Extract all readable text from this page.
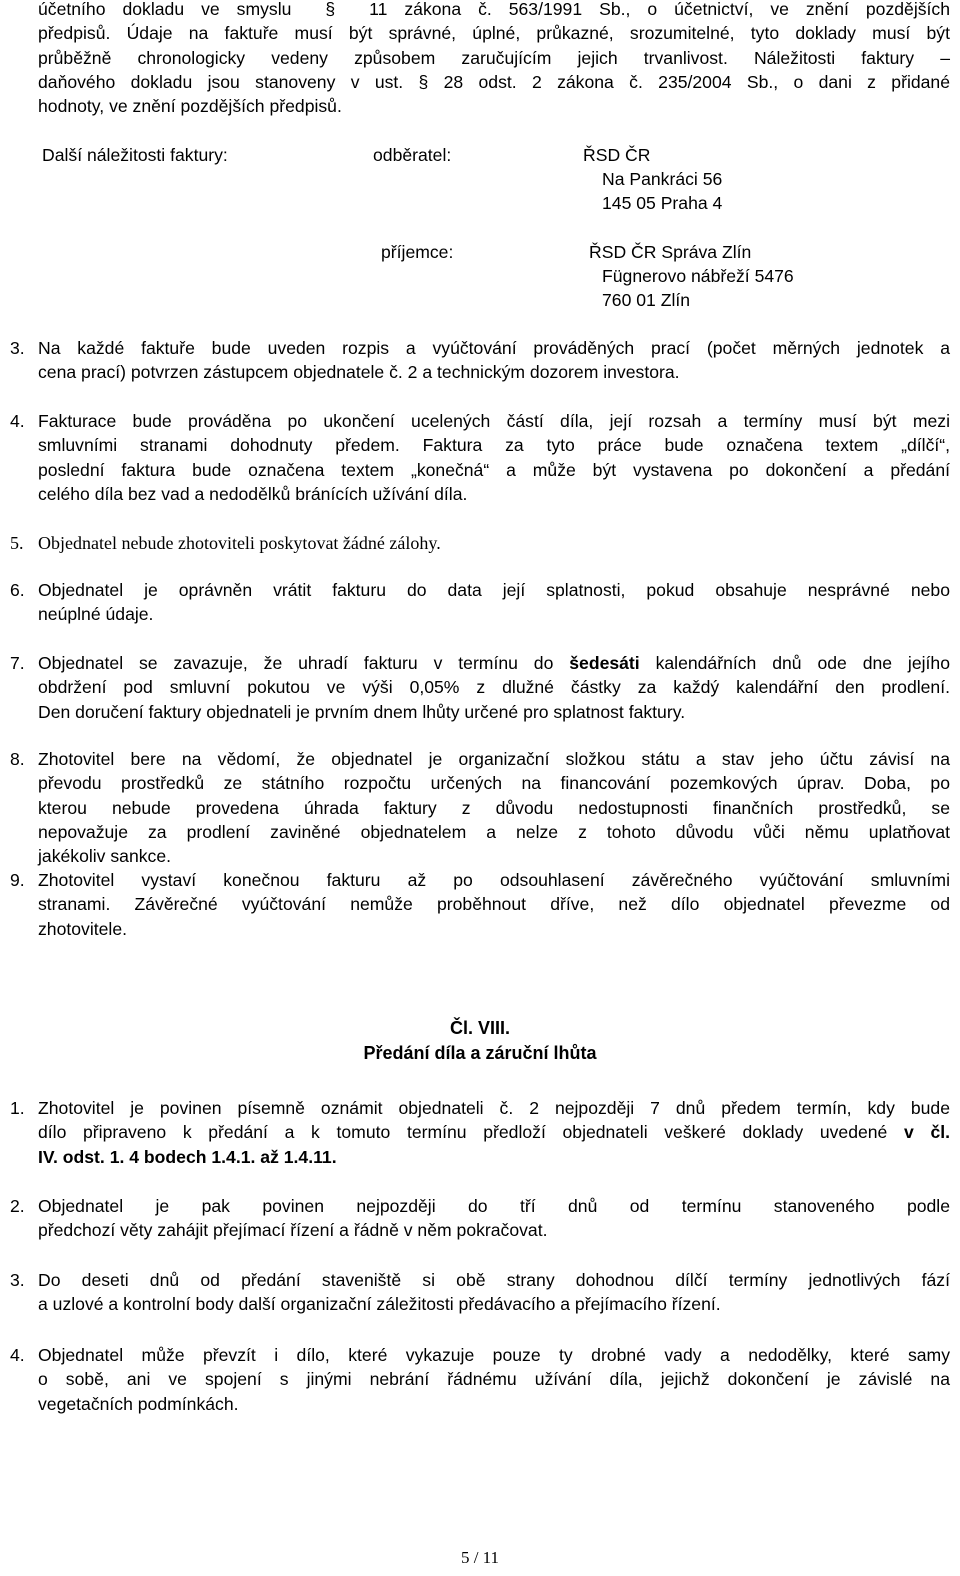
účetního dokladu ve smyslu § 11 zákona č. 563/1991 Sb., o účetnictví, ve znění pozdějších
předpisů. Údaje na faktuře musí být správné, úplné, průkazné, srozumitelné, tyto doklady musí být
průběžně chronologicky vedeny způsobem zaručujícím jejich trvanlivost. Náležitosti faktury –
daňového dokladu jsou stanoveny v ust. § 28 odst. 2 zákona č. 235/2004 Sb., o dani z přidané
hodnoty, ve znění pozdějších předpisů.
Další náležitosti faktury:	odběratel:	ŘSD ČR
Na Pankráci 56
145 05 Praha 4
příjemce:	ŘSD ČR Správa Zlín
Fügnerovo nábřeží 5476
760 01 Zlín
3. Na každé faktuře bude uveden rozpis a vyúčtování prováděných prací (počet měrných jednotek a
cena prací) potvrzen zástupcem objednatele č. 2 a technickým dozorem investora.
4. Fakturace bude prováděna po ukončení ucelených částí díla, její rozsah a termíny musí být mezi
smluvními stranami dohodnuty předem. Faktura za tyto práce bude označena textem „dílčí“,
poslední faktura bude označena textem „konečná“ a může být vystavena po dokončení a předání
celého díla bez vad a nedodělků bránících užívání díla.
5. Objednatel nebude zhotoviteli poskytovat žádné zálohy.
6. Objednatel je oprávněn vrátit fakturu do data její splatnosti, pokud obsahuje nesprávné nebo
neúplné údaje.
7. Objednatel se zavazuje, že uhradí fakturu v termínu do šedesáti kalendářních dnů ode dne jejího
obdržení pod smluvní pokutou ve výši 0,05% z dlužné částky za každý kalendářní den prodlení.
Den doručení faktury objednateli je prvním dnem lhůty určené pro splatnost faktury.
8. Zhotovitel bere na vědomí, že objednatel je organizační složkou státu a stav jeho účtu závisí na
převodu prostředků ze státního rozpočtu určených na financování pozemkových úprav. Doba, po
kterou nebude provedena úhrada faktury z důvodu nedostupnosti finančních prostředků, se
nepovažuje za prodlení zaviněné objednatelem a nelze z tohoto důvodu vůči němu uplatňovat
jakékoliv sankce.
9. Zhotovitel vystaví konečnou fakturu až po odsouhlasení závěrečného vyúčtování smluvními
stranami. Závěrečné vyúčtování nemůže proběhnout dříve, než dílo objednatel převezme od
zhotovitele.
Čl. VIII.
Předání díla a záruční lhůta
1. Zhotovitel je povinen písemně oznámit objednateli č. 2 nejpozději 7 dnů předem termín, kdy bude
dílo připraveno k předání a k tomuto termínu předloží objednateli veškeré doklady uvedené v čl.
IV. odst. 1. 4 bodech 1.4.1. až 1.4.11.
2. Objednatel je pak povinen nejpozději do tří dnů od termínu stanoveného podle
předchozí věty zahájit přejímací řízení a řádně v něm pokračovat.
3. Do deseti dnů od předání staveniště si obě strany dohodnou dílčí termíny jednotlivých fází
a uzlové a kontrolní body další organizační záležitosti předávacího a přejímacího řízení.
4. Objednatel může převzít i dílo, které vykazuje pouze ty drobné vady a nedodělky, které samy
o sobě, ani ve spojení s jinými nebrání řádnému užívání díla, jejichž dokončení je závislé na
vegetačních podmínkách.
5 / 11
